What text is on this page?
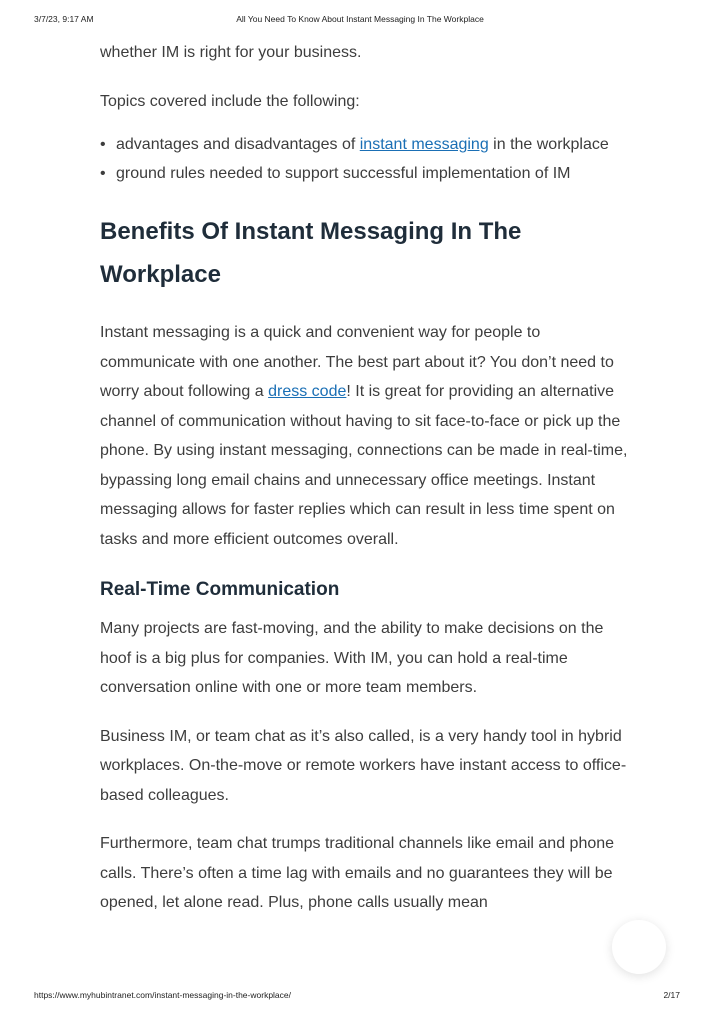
3/7/23, 9:17 AM	All You Need To Know About Instant Messaging In The Workplace

whether IM is right for your business.

Topics covered include the following:

• advantages and disadvantages of instant messaging in the workplace
• ground rules needed to support successful implementation of IM
Benefits Of Instant Messaging In The Workplace

Instant messaging is a quick and convenient way for people to communicate with one another. The best part about it? You don’t need to worry about following a dress code! It is great for providing an alternative channel of communication without having to sit face-to-face or pick up the phone. By using instant messaging, connections can be made in real-time, bypassing long email chains and unnecessary office meetings. Instant messaging allows for faster replies which can result in less time spent on tasks and more efficient outcomes overall.

Real-Time Communication

Many projects are fast-moving, and the ability to make decisions on the hoof is a big plus for companies. With IM, you can hold a real-time conversation online with one or more team members.

Business IM, or team chat as it’s also called, is a very handy tool in hybrid workplaces. On-the-move or remote workers have instant access to office-based colleagues.

Furthermore, team chat trumps traditional channels like email and phone calls. There’s often a time lag with emails and no guarantees they will be opened, let alone read. Plus, phone calls usually mean

https://www.myhubintranet.com/instant-messaging-in-the-workplace/	2/17
